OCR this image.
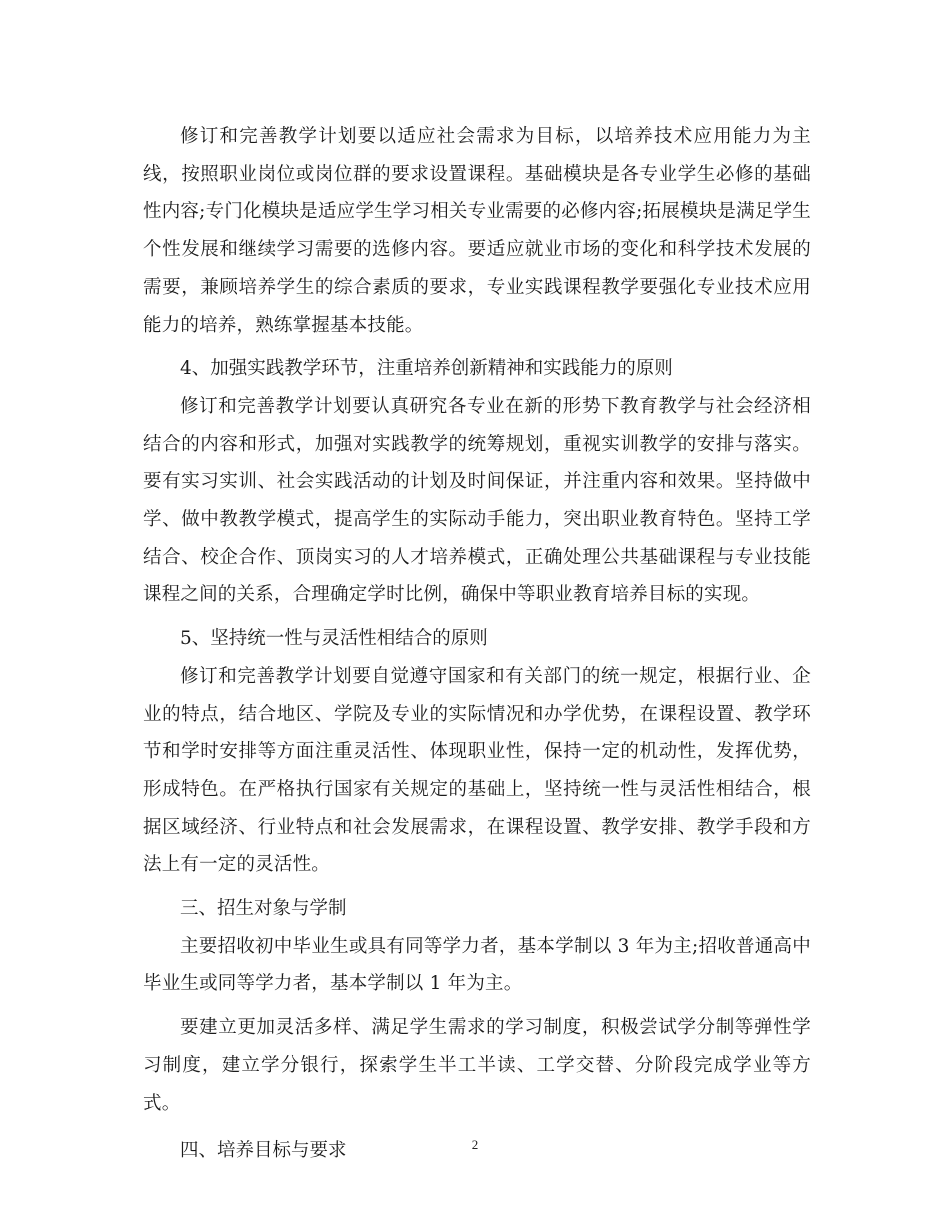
修订和完善教学计划要以适应社会需求为目标，以培养技术应用能力为主线，按照职业岗位或岗位群的要求设置课程。基础模块是各专业学生必修的基础性内容;专门化模块是适应学生学习相关专业需要的必修内容;拓展模块是满足学生个性发展和继续学习需要的选修内容。要适应就业市场的变化和科学技术发展的需要，兼顾培养学生的综合素质的要求，专业实践课程教学要强化专业技术应用能力的培养，熟练掌握基本技能。

4、加强实践教学环节，注重培养创新精神和实践能力的原则

修订和完善教学计划要认真研究各专业在新的形势下教育教学与社会经济相结合的内容和形式，加强对实践教学的统筹规划，重视实训教学的安排与落实。要有实习实训、社会实践活动的计划及时间保证，并注重内容和效果。坚持做中学、做中教教学模式，提高学生的实际动手能力，突出职业教育特色。坚持工学结合、校企合作、顶岗实习的人才培养模式，正确处理公共基础课程与专业技能课程之间的关系，合理确定学时比例，确保中等职业教育培养目标的实现。

5、坚持统一性与灵活性相结合的原则

修订和完善教学计划要自觉遵守国家和有关部门的统一规定，根据行业、企业的特点，结合地区、学院及专业的实际情况和办学优势，在课程设置、教学环节和学时安排等方面注重灵活性、体现职业性，保持一定的机动性，发挥优势，形成特色。在严格执行国家有关规定的基础上，坚持统一性与灵活性相结合，根据区域经济、行业特点和社会发展需求，在课程设置、教学安排、教学手段和方法上有一定的灵活性。

三、招生对象与学制

主要招收初中毕业生或具有同等学力者，基本学制以 3 年为主;招收普通高中毕业生或同等学力者，基本学制以 1 年为主。

要建立更加灵活多样、满足学生需求的学习制度，积极尝试学分制等弹性学习制度，建立学分银行，探索学生半工半读、工学交替、分阶段完成学业等方式。

四、培养目标与要求	2
